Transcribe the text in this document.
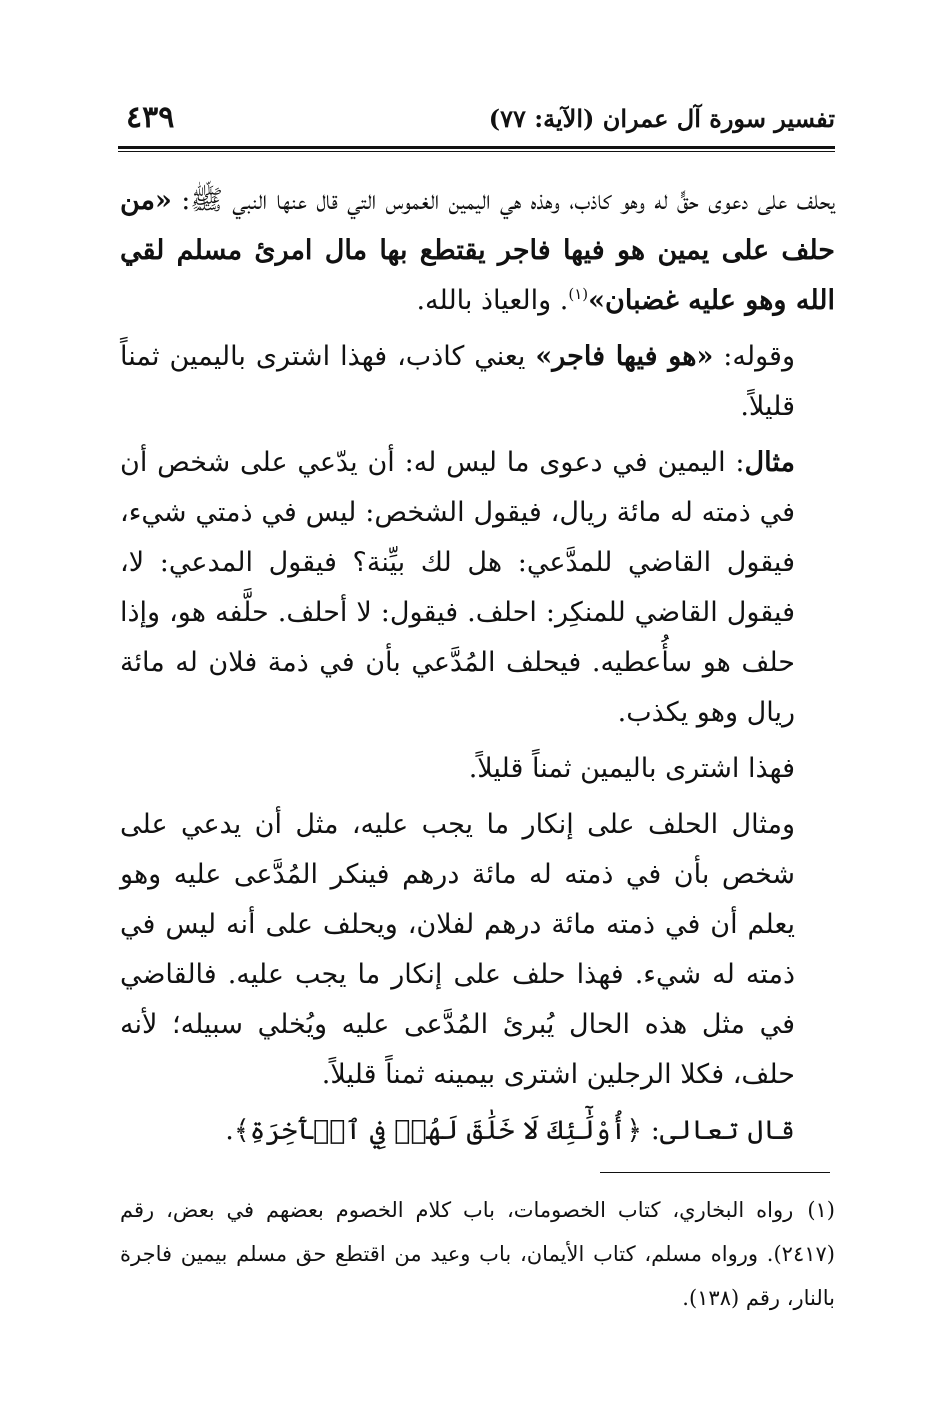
تفسير سورة آل عمران (الآية: ٧٧)
٤٣٩

يحلف على دعوى حقٍّ له وهو كاذب، وهذه هي اليمين الغموس التي قال عنها النبي ﷺ: «من حلف على يمين هو فيها فاجر يقتطع بها مال امرئ مسلم لقي الله وهو عليه غضبان»$^{(١)}$. والعياذ بالله.

وقوله: «هو فيها فاجر» يعني كاذب، فهذا اشترى باليمين ثمناً قليلاً.

مثال: اليمين في دعوى ما ليس له: أن يدّعي على شخص أن في ذمته له مائة ريال، فيقول الشخص: ليس في ذمتي شيء، فيقول القاضي للمدَّعي: هل لك بيِّنة؟ فيقول المدعي: لا، فيقول القاضي للمنكِر: احلف. فيقول: لا أحلف. حلَّفه هو، وإذا حلف هو سأُعطيه. فيحلف المُدَّعي بأن في ذمة فلان له مائة ريال وهو يكذب.

فهذا اشترى باليمين ثمناً قليلاً.

ومثال الحلف على إنكار ما يجب عليه، مثل أن يدعي على شخص بأن في ذمته له مائة درهم فينكر المُدَّعى عليه وهو يعلم أن في ذمته مائة درهم لفلان، ويحلف على أنه ليس في ذمته له شيء. فهذا حلف على إنكار ما يجب عليه. فالقاضي في مثل هذه الحال يُبرئ المُدَّعى عليه ويُخلي سبيله؛ لأنه حلف، فكلا الرجلين اشترى بيمينه ثمناً قليلاً.

قال تعالى: ﴿أُوْلَٰٓئِكَ لَا خَلَٰقَ لَهُمۡ فِي ٱلۡأٓخِرَةِ﴾.

(١)رواه البخاري، كتاب الخصومات، باب كلام الخصوم بعضهم في بعض، رقم (٢٤١٧). ورواه مسلم، كتاب الأيمان، باب وعيد من اقتطع حق مسلم بيمين فاجرة بالنار، رقم (١٣٨).
